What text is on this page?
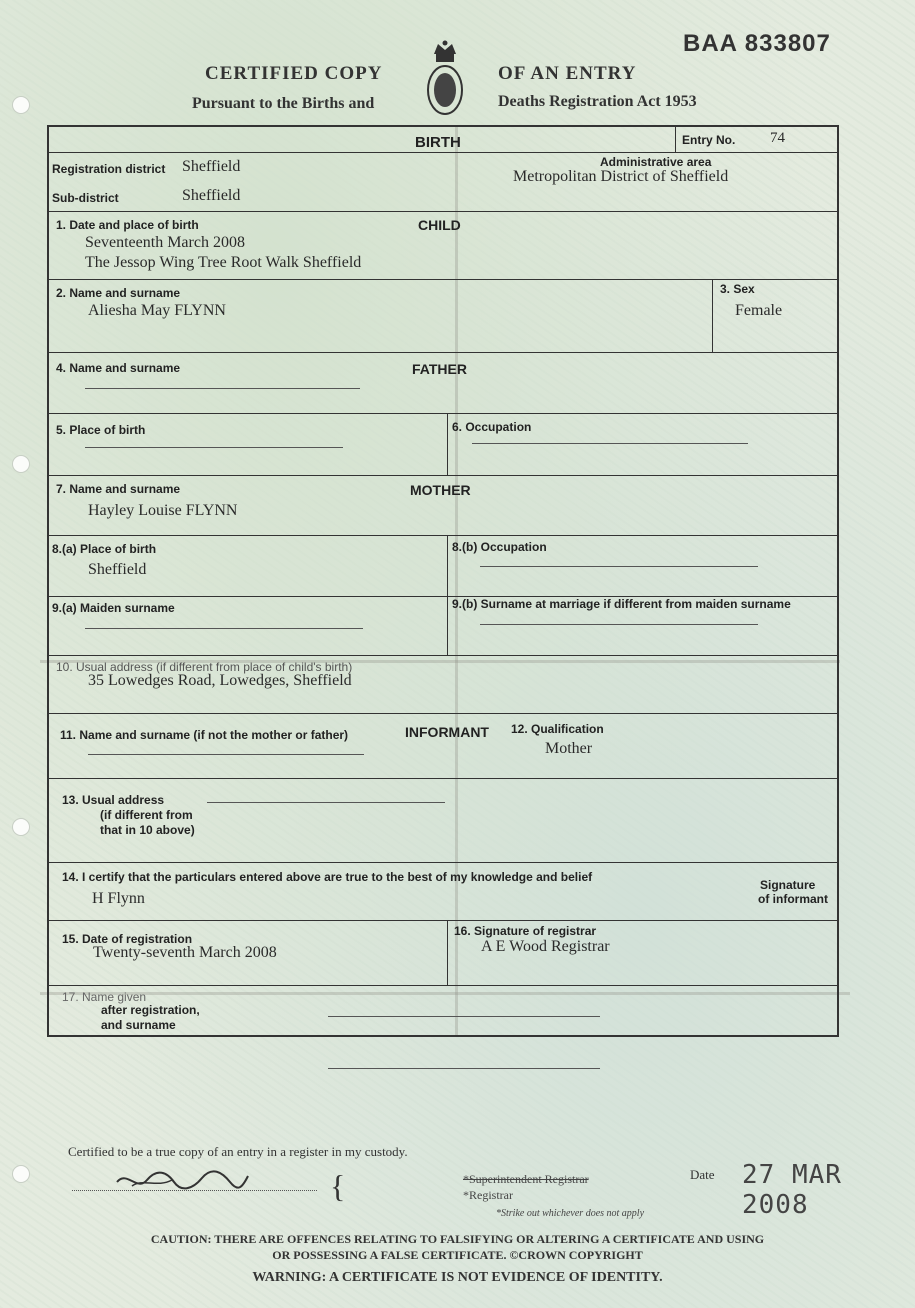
BAA 833807
CERTIFIED COPY	OF AN ENTRY
Pursuant to the Births and	Deaths Registration Act 1953
BIRTH	Entry No. 74
Registration district Sheffield	Administrative area
Metropolitan District of Sheffield
Sub-district	Sheffield
CHILD
1. Date and place of birth
Seventeenth March 2008
The Jessop Wing Tree Root Walk Sheffield
2. Name and surname
Aliesha May FLYNN
3. Sex
Female
FATHER
4. Name and surname
5. Place of birth	6. Occupation
MOTHER
7. Name and surname
Hayley Louise FLYNN
8.(a) Place of birth
Sheffield
8.(b) Occupation
9.(a) Maiden surname	9.(b) Surname at marriage if different from maiden surname
10. Usual address (if different from place of child's birth)
35 Lowedges Road, Lowedges, Sheffield
INFORMANT
11. Name and surname (if not the mother or father)	12. Qualification
Mother
13. Usual address
(if different from
that in 10 above)
14. I certify that the particulars entered above are true to the best of my knowledge and belief
H Flynn
Signature
of informant
15. Date of registration
Twenty-seventh March 2008
16. Signature of registrar
A E Wood Registrar
17. Name given
after registration,
and surname
Certified to be a true copy of an entry in a register in my custody.
{	*Superintendent Registrar
*Registrar
*Strike out whichever does not apply
Date 27 MAR 2008
CAUTION: THERE ARE OFFENCES RELATING TO FALSIFYING OR ALTERING A CERTIFICATE AND USING
OR POSSESSING A FALSE CERTIFICATE. ©CROWN COPYRIGHT
WARNING: A CERTIFICATE IS NOT EVIDENCE OF IDENTITY.
